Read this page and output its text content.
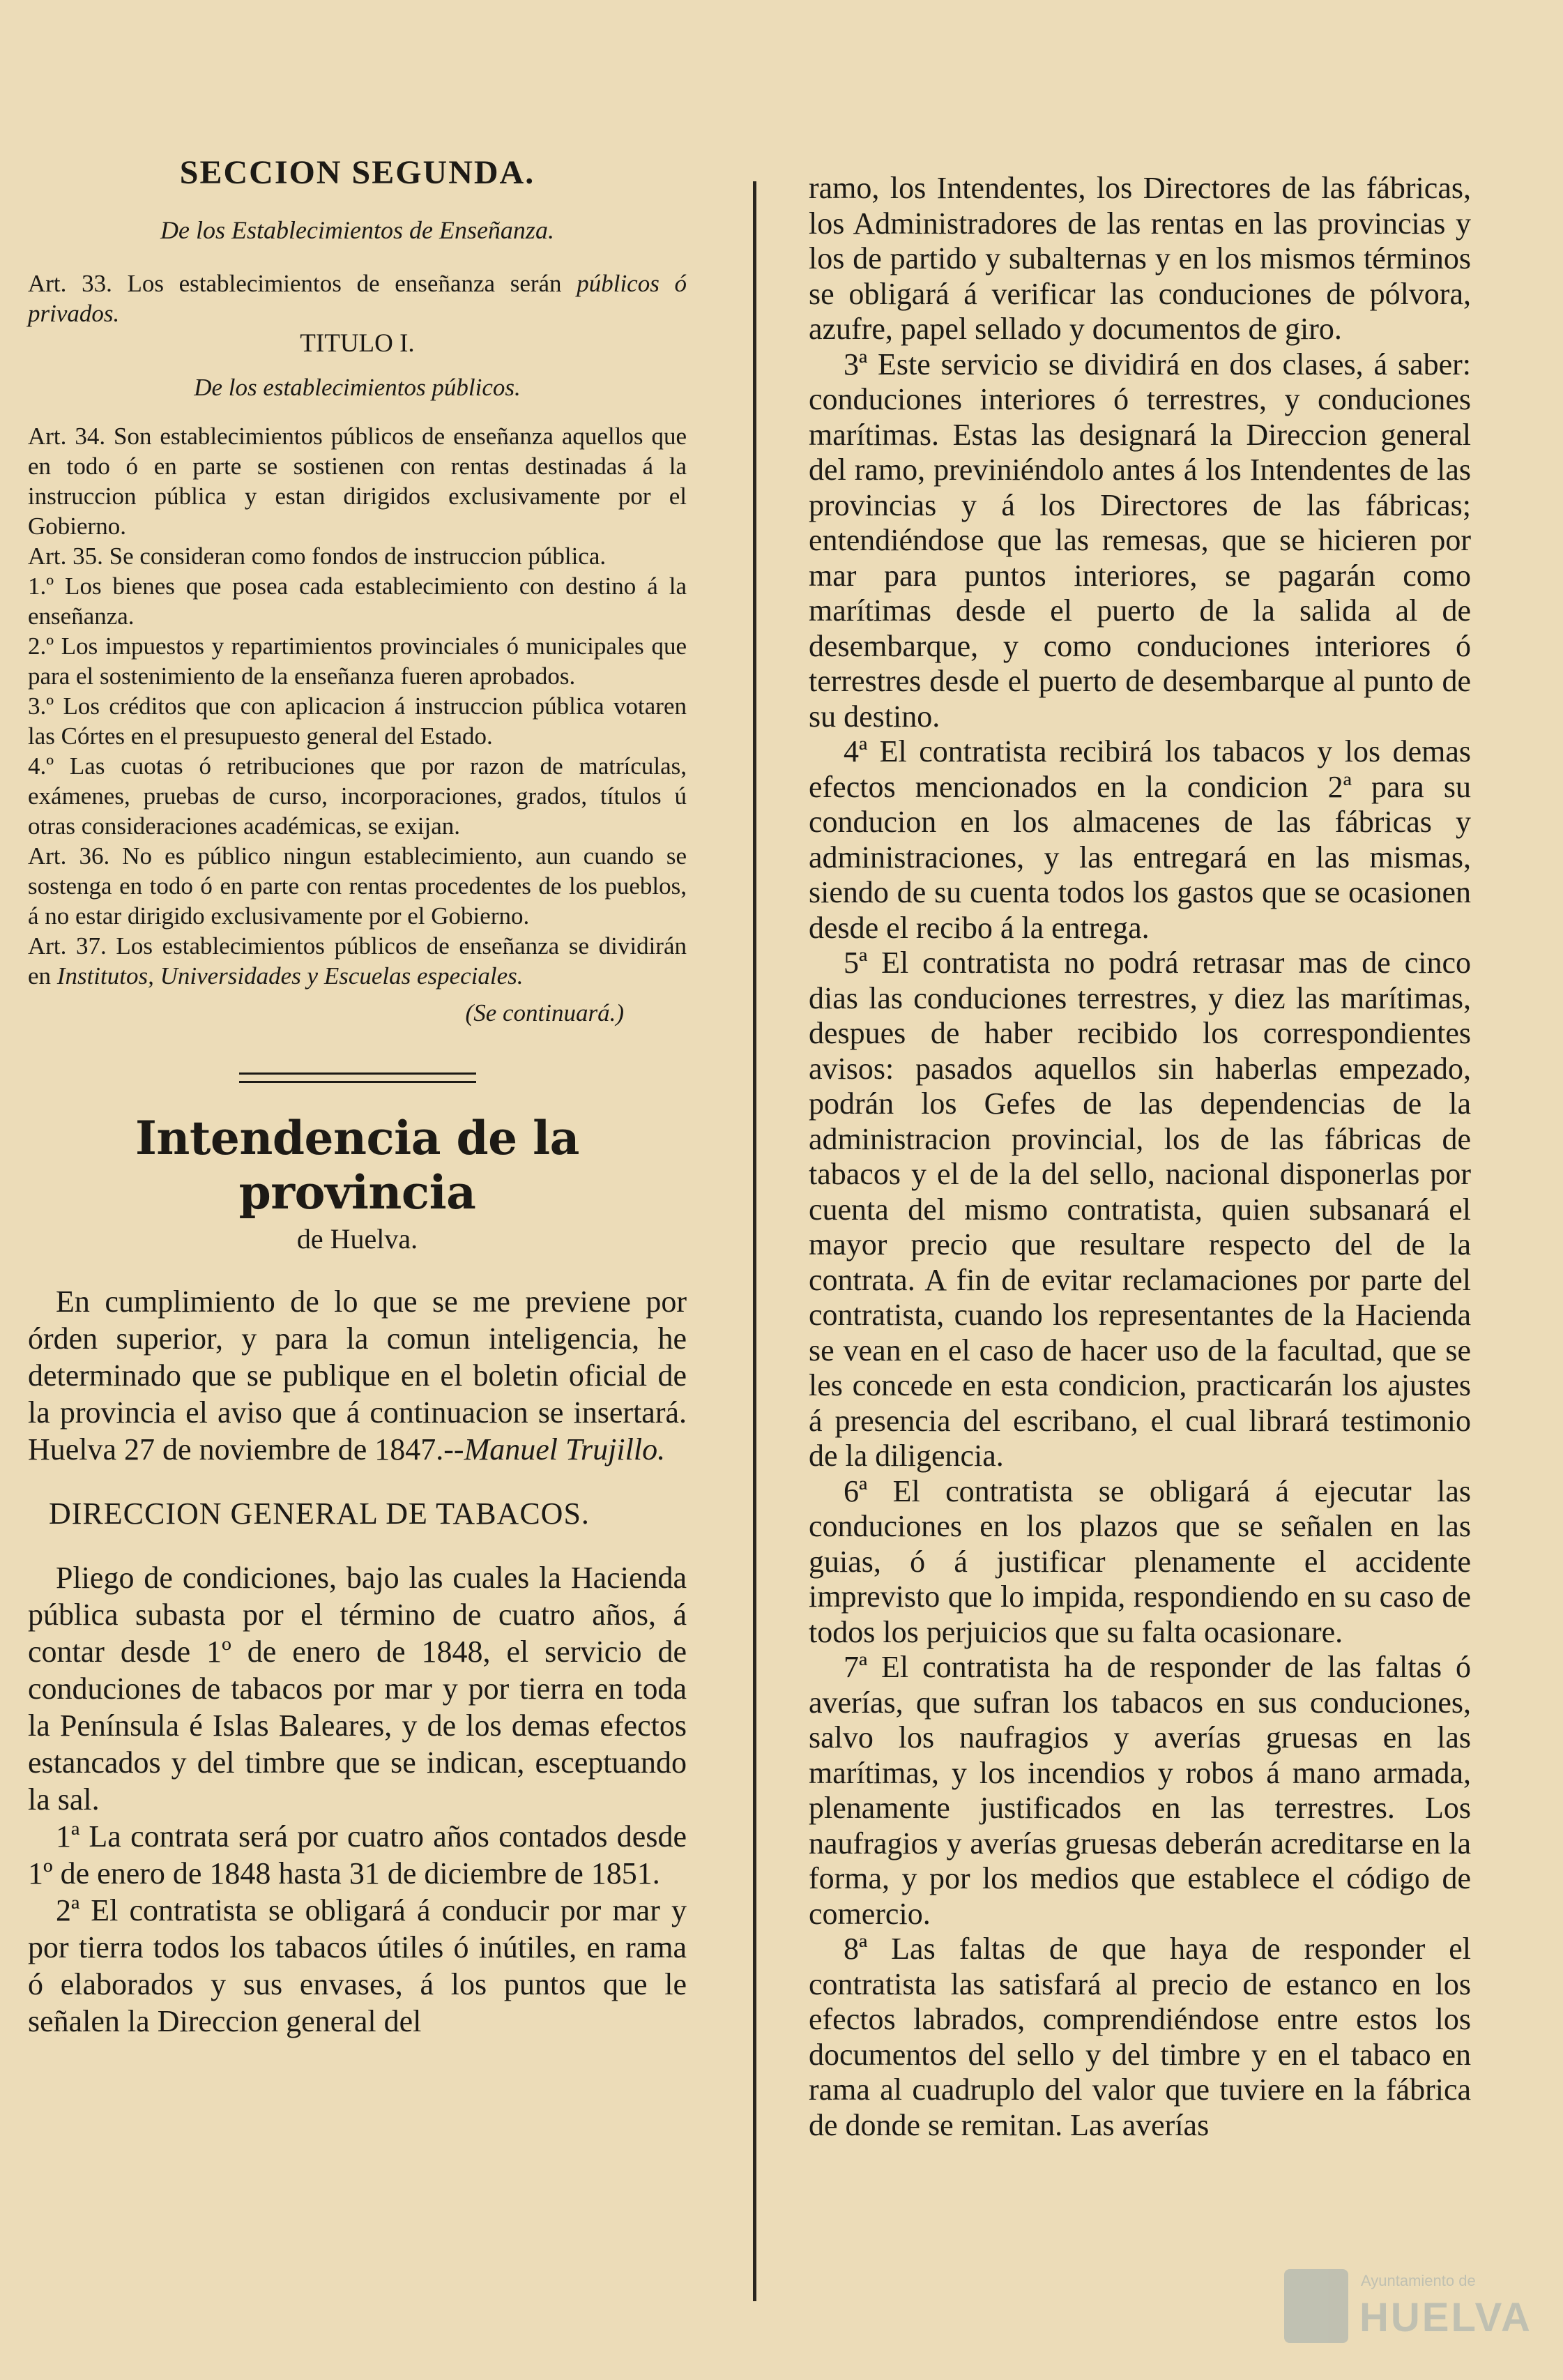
SECCION SEGUNDA.

De los Establecimientos de Enseñanza.

Art. 33. Los establecimientos de enseñanza serán públicos ó privados.

TITULO I.

De los establecimientos públicos.

Art. 34. Son establecimientos públicos de enseñanza aquellos que en todo ó en parte se sostienen con rentas destinadas á la instruccion pública y estan dirigidos exclusivamente por el Gobierno.

Art. 35. Se consideran como fondos de instruccion pública.

1.º Los bienes que posea cada establecimiento con destino á la enseñanza.

2.º Los impuestos y repartimientos provinciales ó municipales que para el sostenimiento de la enseñanza fueren aprobados.

3.º Los créditos que con aplicacion á instruccion pública votaren las Córtes en el presupuesto general del Estado.

4.º Las cuotas ó retribuciones que por razon de matrículas, exámenes, pruebas de curso, incorporaciones, grados, títulos ú otras consideraciones académicas, se exijan.

Art. 36. No es público ningun establecimiento, aun cuando se sostenga en todo ó en parte con rentas procedentes de los pueblos, á no estar dirigido exclusivamente por el Gobierno.

Art. 37. Los establecimientos públicos de enseñanza se dividirán en Institutos, Universidades y Escuelas especiales.

(Se continuará.)

Intendencia de la provincia

de Huelva.

En cumplimiento de lo que se me previene por órden superior, y para la comun inteligencia, he determinado que se publique en el boletin oficial de la provincia el aviso que á continuacion se insertará. Huelva 27 de noviembre de 1847.--Manuel Trujillo.

DIRECCION GENERAL DE TABACOS.

Pliego de condiciones, bajo las cuales la Hacienda pública subasta por el término de cuatro años, á contar desde 1º de enero de 1848, el servicio de conduciones de tabacos por mar y por tierra en toda la Península é Islas Baleares, y de los demas efectos estancados y del timbre que se indican, esceptuando la sal.

1ª La contrata será por cuatro años contados desde 1º de enero de 1848 hasta 31 de diciembre de 1851.

2ª El contratista se obligará á conducir por mar y por tierra todos los tabacos útiles ó inútiles, en rama ó elaborados y sus envases, á los puntos que le señalen la Direccion general del

ramo, los Intendentes, los Directores de las fábricas, los Administradores de las rentas en las provincias y los de partido y subalternas y en los mismos términos se obligará á verificar las conduciones de pólvora, azufre, papel sellado y documentos de giro.

3ª Este servicio se dividirá en dos clases, á saber: conduciones interiores ó terrestres, y conduciones marítimas. Estas las designará la Direccion general del ramo, previniéndolo antes á los Intendentes de las provincias y á los Directores de las fábricas; entendiéndose que las remesas, que se hicieren por mar para puntos interiores, se pagarán como marítimas desde el puerto de la salida al de desembarque, y como conduciones interiores ó terrestres desde el puerto de desembarque al punto de su destino.

4ª El contratista recibirá los tabacos y los demas efectos mencionados en la condicion 2ª para su conducion en los almacenes de las fábricas y administraciones, y las entregará en las mismas, siendo de su cuenta todos los gastos que se ocasionen desde el recibo á la entrega.

5ª El contratista no podrá retrasar mas de cinco dias las conduciones terrestres, y diez las marítimas, despues de haber recibido los correspondientes avisos: pasados aquellos sin haberlas empezado, podrán los Gefes de las dependencias de la administracion provincial, los de las fábricas de tabacos y el de la del sello, nacional disponerlas por cuenta del mismo contratista, quien subsanará el mayor precio que resultare respecto del de la contrata. A fin de evitar reclamaciones por parte del contratista, cuando los representantes de la Hacienda se vean en el caso de hacer uso de la facultad, que se les concede en esta condicion, practicarán los ajustes á presencia del escribano, el cual librará testimonio de la diligencia.

6ª El contratista se obligará á ejecutar las conduciones en los plazos que se señalen en las guias, ó á justificar plenamente el accidente imprevisto que lo impida, respondiendo en su caso de todos los perjuicios que su falta ocasionare.

7ª El contratista ha de responder de las faltas ó averías, que sufran los tabacos en sus conduciones, salvo los naufragios y averías gruesas en las marítimas, y los incendios y robos á mano armada, plenamente justificados en las terrestres. Los naufragios y averías gruesas deberán acreditarse en la forma, y por los medios que establece el código de comercio.

8ª Las faltas de que haya de responder el contratista las satisfará al precio de estanco en los efectos labrados, comprendiéndose entre estos los documentos del sello y del timbre y en el tabaco en rama al cuadruplo del valor que tuviere en la fábrica de donde se remitan. Las averías

Ayuntamiento de
HUELVA
